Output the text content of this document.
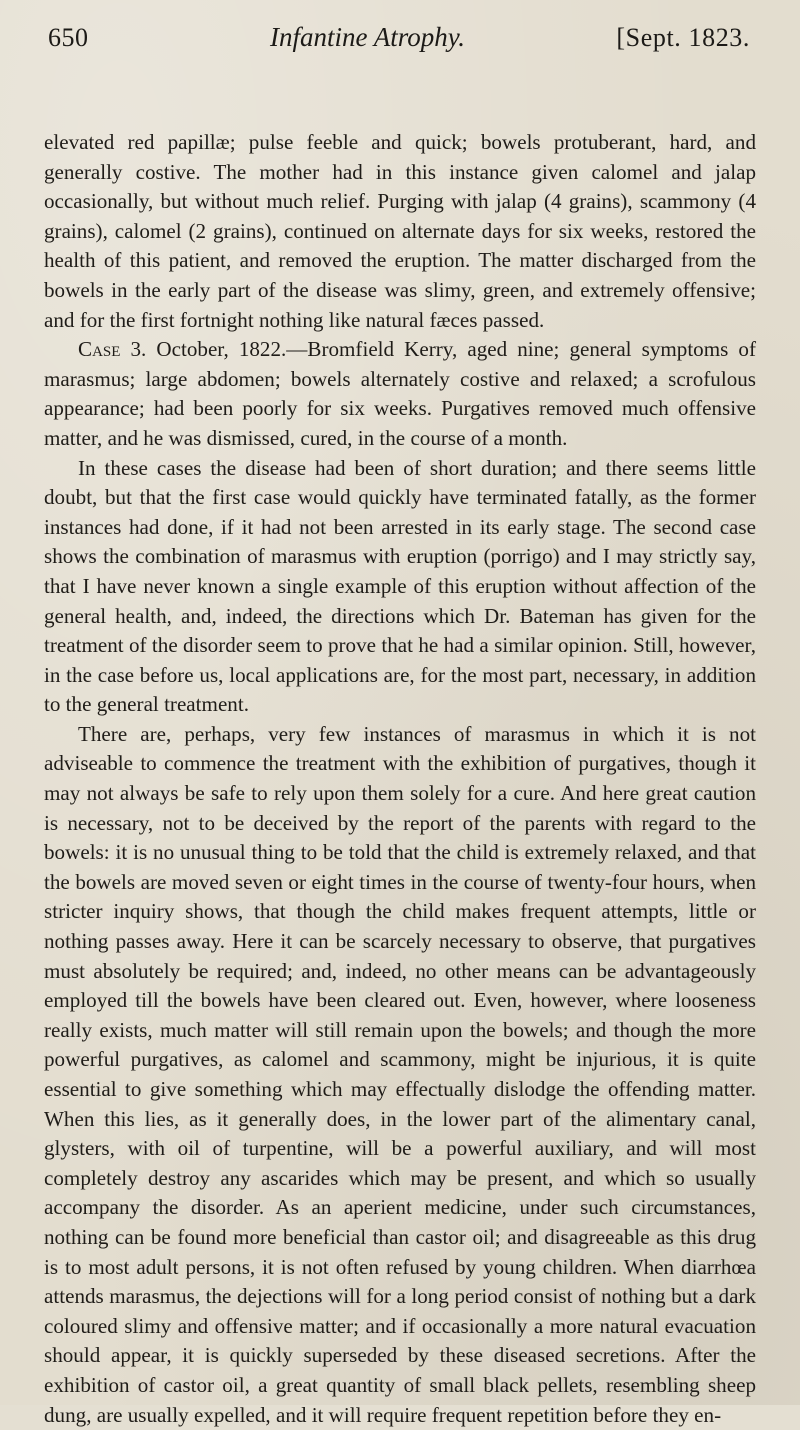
650	Infantine Atrophy.	[Sept. 1823.

elevated red papillæ; pulse feeble and quick; bowels protuberant, hard, and generally costive. The mother had in this instance given calomel and jalap occasionally, but without much relief. Purging with jalap (4 grains), scammony (4 grains), calomel (2 grains), continued on alternate days for six weeks, restored the health of this patient, and removed the eruption. The matter discharged from the bowels in the early part of the disease was slimy, green, and extremely offensive; and for the first fortnight nothing like natural fæces passed.

Case 3. October, 1822.—Bromfield Kerry, aged nine; general symptoms of marasmus; large abdomen; bowels alternately costive and relaxed; a scrofulous appearance; had been poorly for six weeks. Purgatives removed much offensive matter, and he was dismissed, cured, in the course of a month.

In these cases the disease had been of short duration; and there seems little doubt, but that the first case would quickly have terminated fatally, as the former instances had done, if it had not been arrested in its early stage. The second case shows the combination of marasmus with eruption (porrigo) and I may strictly say, that I have never known a single example of this eruption without affection of the general health, and, indeed, the directions which Dr. Bateman has given for the treatment of the disorder seem to prove that he had a similar opinion. Still, however, in the case before us, local applications are, for the most part, necessary, in addition to the general treatment.

There are, perhaps, very few instances of marasmus in which it is not adviseable to commence the treatment with the exhibition of purgatives, though it may not always be safe to rely upon them solely for a cure. And here great caution is necessary, not to be deceived by the report of the parents with regard to the bowels: it is no unusual thing to be told that the child is extremely relaxed, and that the bowels are moved seven or eight times in the course of twenty-four hours, when stricter inquiry shows, that though the child makes frequent attempts, little or nothing passes away. Here it can be scarcely necessary to observe, that purgatives must absolutely be required; and, indeed, no other means can be advantageously employed till the bowels have been cleared out. Even, however, where looseness really exists, much matter will still remain upon the bowels; and though the more powerful purgatives, as calomel and scammony, might be injurious, it is quite essential to give something which may effectually dislodge the offending matter. When this lies, as it generally does, in the lower part of the alimentary canal, glysters, with oil of turpentine, will be a powerful auxiliary, and will most completely destroy any ascarides which may be present, and which so usually accompany the disorder. As an aperient medicine, under such circumstances, nothing can be found more beneficial than castor oil; and disagreeable as this drug is to most adult persons, it is not often refused by young children. When diarrhœa attends marasmus, the dejections will for a long period consist of nothing but a dark coloured slimy and offensive matter; and if occasionally a more natural evacuation should appear, it is quickly superseded by these diseased secretions. After the exhibition of castor oil, a great quantity of small black pellets, resembling sheep dung, are usually expelled, and it will require frequent repetition before they en-
